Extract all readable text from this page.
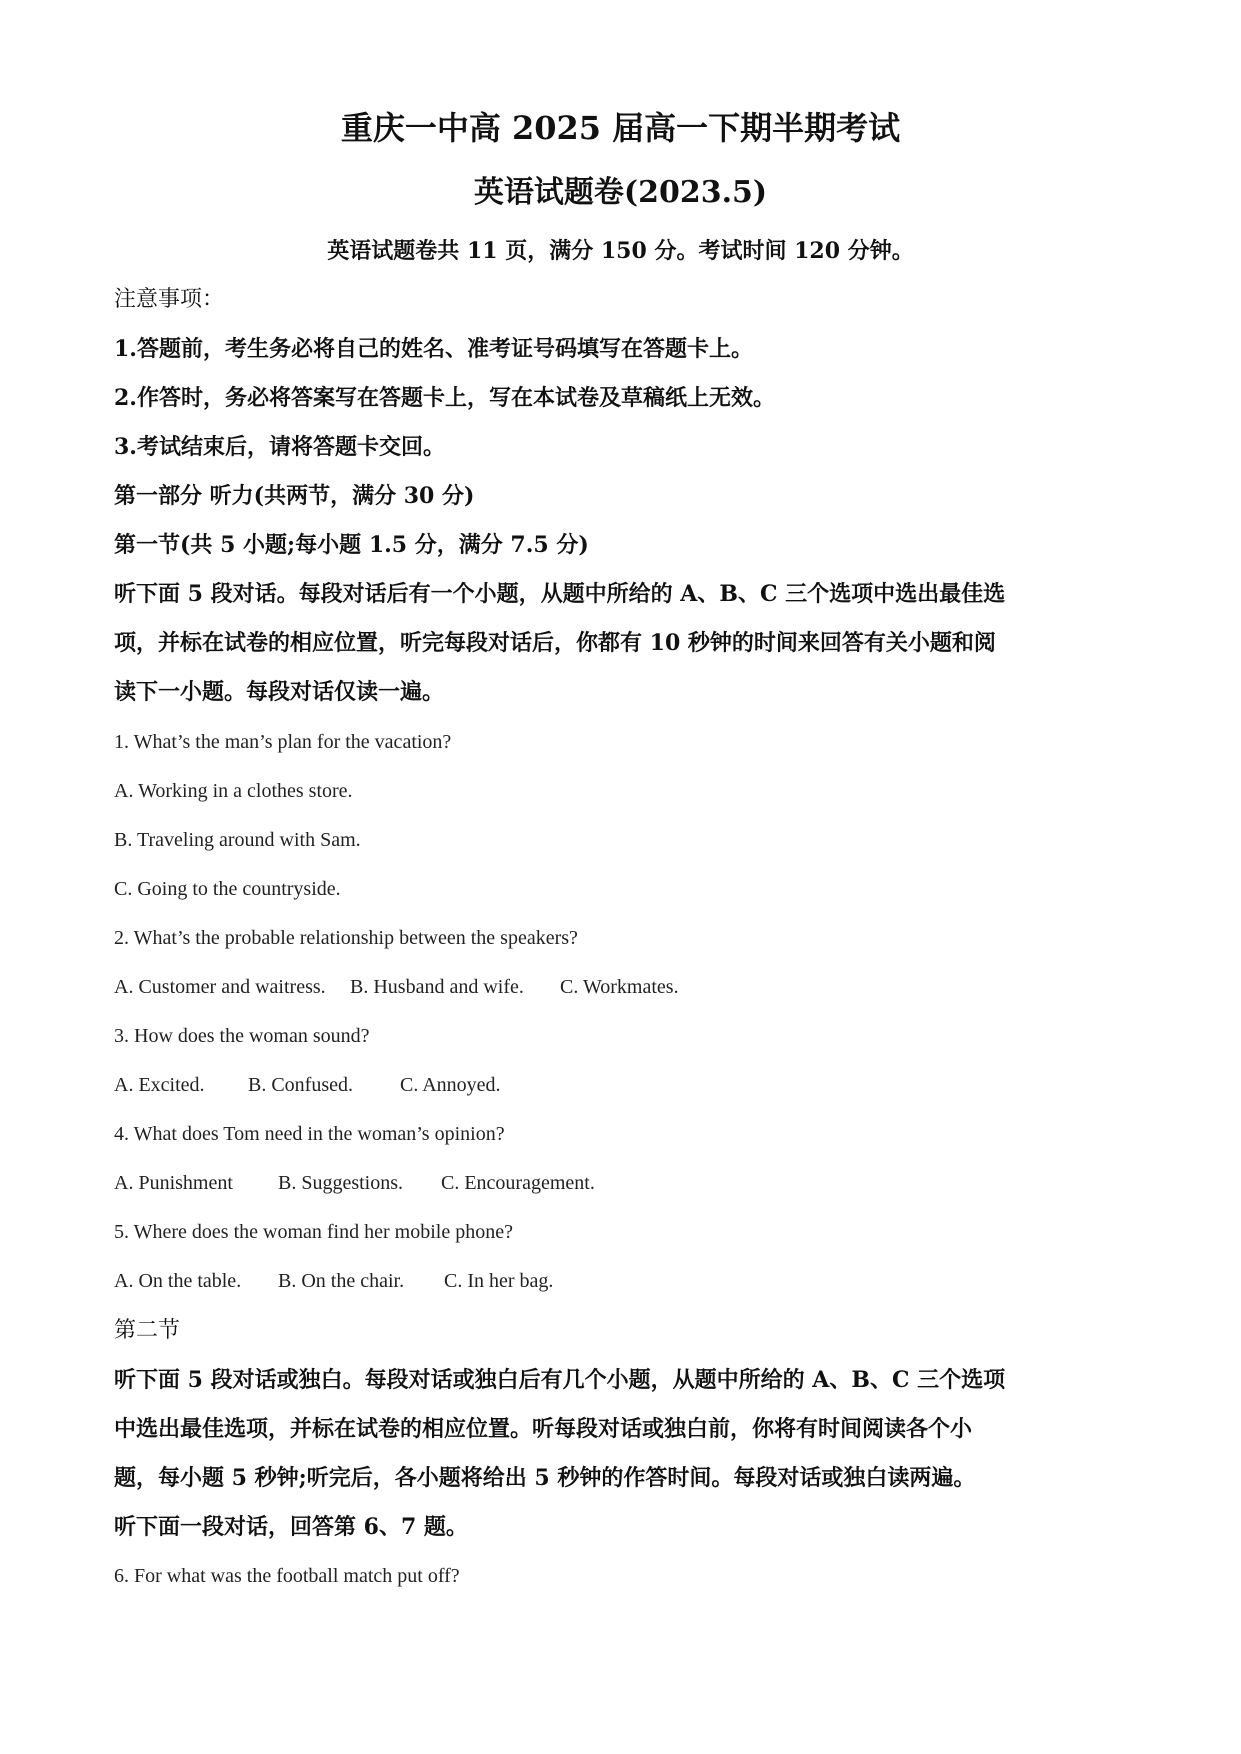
重庆一中高 2025 届高一下期半期考试
英语试题卷(2023.5)
英语试题卷共 11 页，满分 150 分。考试时间 120 分钟。
注意事项：
1.答题前，考生务必将自己的姓名、准考证号码填写在答题卡上。
2.作答时，务必将答案写在答题卡上，写在本试卷及草稿纸上无效。
3.考试结束后，请将答题卡交回。
第一部分 听力(共两节，满分 30 分)
第一节(共 5 小题;每小题 1.5 分，满分 7.5 分)
听下面 5 段对话。每段对话后有一个小题，从题中所给的 A、B、C 三个选项中选出最佳选
项，并标在试卷的相应位置，听完每段对话后，你都有 10 秒钟的时间来回答有关小题和阅
读下一小题。每段对话仅读一遍。
1. What’s the man’s plan for the vacation?
A. Working in a clothes store.
B. Traveling around with Sam.
C. Going to the countryside.
2. What’s the probable relationship between the speakers?
A. Customer and waitress. B. Husband and wife. C. Workmates.
3. How does the woman sound?
A. Excited. B. Confused. C. Annoyed.
4. What does Tom need in the woman’s opinion?
A. Punishment B. Suggestions. C. Encouragement.
5. Where does the woman find her mobile phone?
A. On the table. B. On the chair. C. In her bag.
第二节
听下面 5 段对话或独白。每段对话或独白后有几个小题，从题中所给的 A、B、C 三个选项
中选出最佳选项，并标在试卷的相应位置。听每段对话或独白前，你将有时间阅读各个小
题，每小题 5 秒钟;听完后，各小题将给出 5 秒钟的作答时间。每段对话或独白读两遍。
听下面一段对话，回答第 6、7 题。
6. For what was the football match put off?
